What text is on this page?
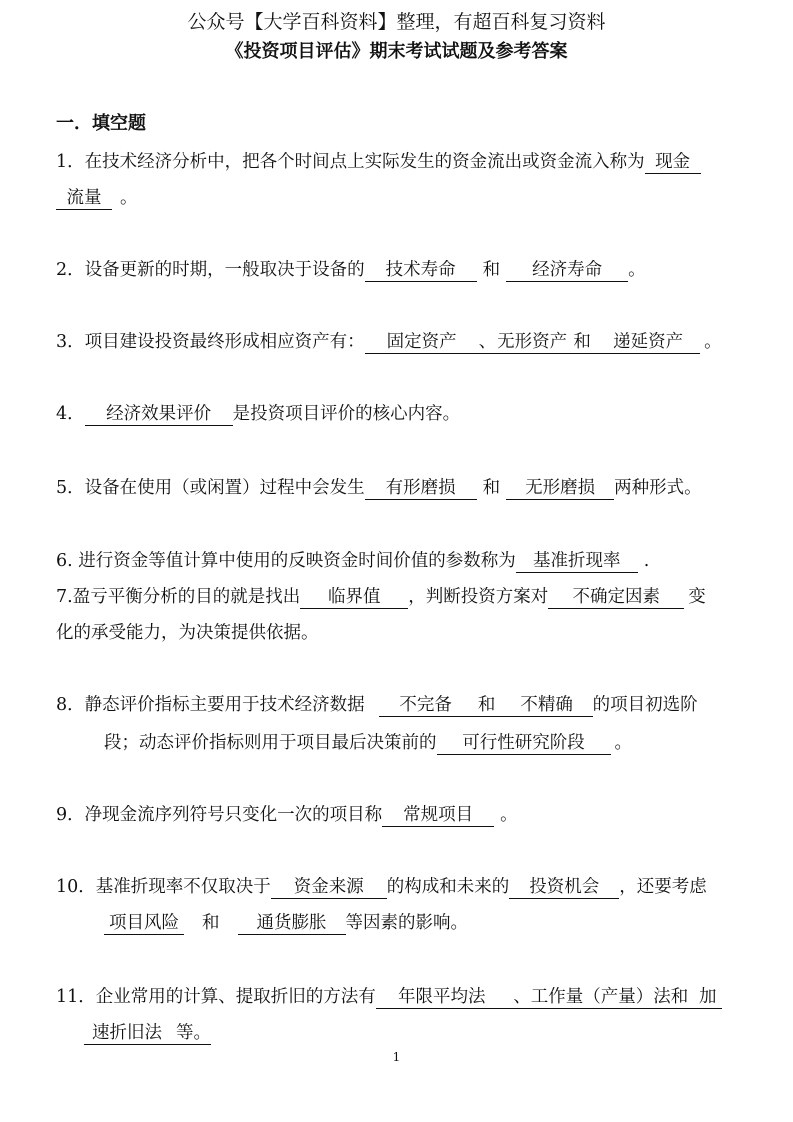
公众号【大学百科资料】整理，有超百科复习资料
《投资项目评估》期末考试试题及参考答案
一．填空题
1．在技术经济分析中，把各个时间点上实际发生的资金流出或资金流入称为 现金
流量 。
2．设备更新的时期，一般取决于设备的 技术寿命 和 经济寿命 。
3．项目建设投资最终形成相应资产有： 固定资产 、无形资产 和 递延资产 。
4． 经济效果评价 是投资项目评价的核心内容。
5．设备在使用（或闲置）过程中会发生 有形磨损 和 无形磨损 两种形式。
6. 进行资金等值计算中使用的反映资金时间价值的参数称为 基准折现率 .
7.盈亏平衡分析的目的就是找出 临界值 ，判断投资方案对 不确定因素 变
化的承受能力，为决策提供依据。
8．静态评价指标主要用于技术经济数据 不完备 和 不精确 的项目初选阶
段；动态评价指标则用于项目最后决策前的 可行性研究阶段 。
9．净现金流序列符号只变化一次的项目称 常规项目 。
10．基准折现率不仅取决于 资金来源 的构成和未来的 投资机会 ，还要考虑
项目风险 和 通货膨胀 等因素的影响。
11．企业常用的计算、提取折旧的方法有 年限平均法 、工作量（产量）法和 加
速折旧法 等。
1
